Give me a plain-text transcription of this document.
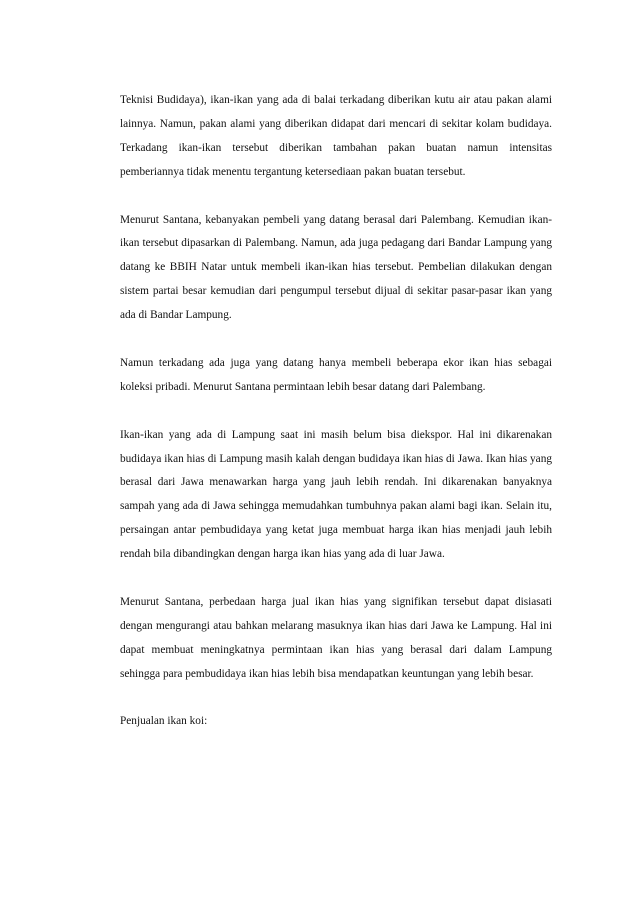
Teknisi Budidaya), ikan-ikan yang ada di balai terkadang diberikan kutu air atau pakan alami lainnya. Namun, pakan alami yang diberikan didapat dari mencari di sekitar kolam budidaya. Terkadang ikan-ikan tersebut diberikan tambahan pakan buatan namun intensitas pemberiannya tidak menentu tergantung ketersediaan pakan buatan tersebut.

Menurut Santana, kebanyakan pembeli yang datang berasal dari Palembang. Kemudian ikan-ikan tersebut dipasarkan di Palembang. Namun, ada juga pedagang dari Bandar Lampung yang datang ke BBIH Natar untuk membeli ikan-ikan hias tersebut. Pembelian dilakukan dengan sistem partai besar kemudian dari pengumpul tersebut dijual di sekitar pasar-pasar ikan yang ada di Bandar Lampung.

Namun terkadang ada juga yang datang hanya membeli beberapa ekor ikan hias sebagai koleksi pribadi. Menurut Santana permintaan lebih besar datang dari Palembang.

Ikan-ikan yang ada di Lampung saat ini masih belum bisa diekspor. Hal ini dikarenakan budidaya ikan hias di Lampung masih kalah dengan budidaya ikan hias di Jawa. Ikan hias yang berasal dari Jawa menawarkan harga yang jauh lebih rendah. Ini dikarenakan banyaknya sampah yang ada di Jawa sehingga memudahkan tumbuhnya pakan alami bagi ikan. Selain itu, persaingan antar pembudidaya yang ketat juga membuat harga ikan hias menjadi jauh lebih rendah bila dibandingkan dengan harga ikan hias yang ada di luar Jawa.

Menurut Santana, perbedaan harga jual ikan hias yang signifikan tersebut dapat disiasati dengan mengurangi atau bahkan melarang masuknya ikan hias dari Jawa ke Lampung. Hal ini dapat membuat meningkatnya permintaan ikan hias yang berasal dari dalam Lampung sehingga para pembudidaya ikan hias lebih bisa mendapatkan keuntungan yang lebih besar.

Penjualan ikan koi:
